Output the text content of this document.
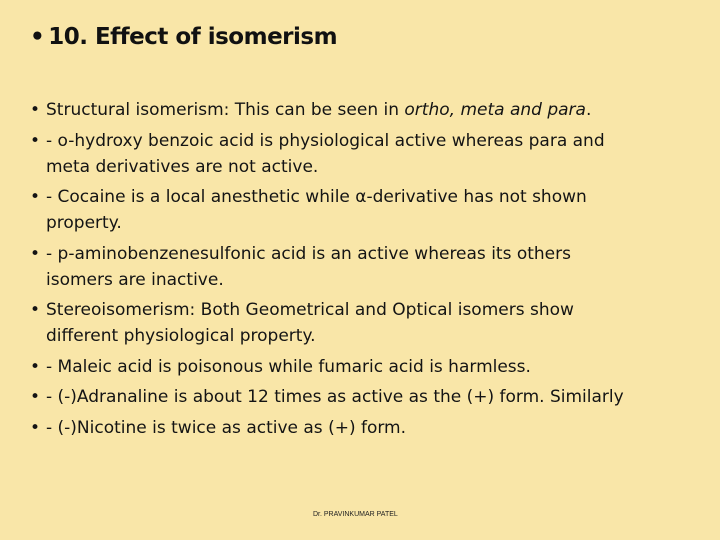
• 10. Effect of isomerism
• Structural isomerism: This can be seen in ortho, meta and para.
• - o-hydroxy benzoic acid is physiological active whereas para and
meta derivatives are not active.
• - Cocaine is a local anesthetic while α-derivative has not shown
property.
• - p-aminobenzenesulfonic acid is an active whereas its others
isomers are inactive.
• Stereoisomerism: Both Geometrical and Optical isomers show
different physiological property.
• - Maleic acid is poisonous while fumaric acid is harmless.
• - (-)Adranaline is about 12 times as active as the (+) form. Similarly
• - (-)Nicotine is twice as active as (+) form.
Dr. PRAVINKUMAR PATEL
